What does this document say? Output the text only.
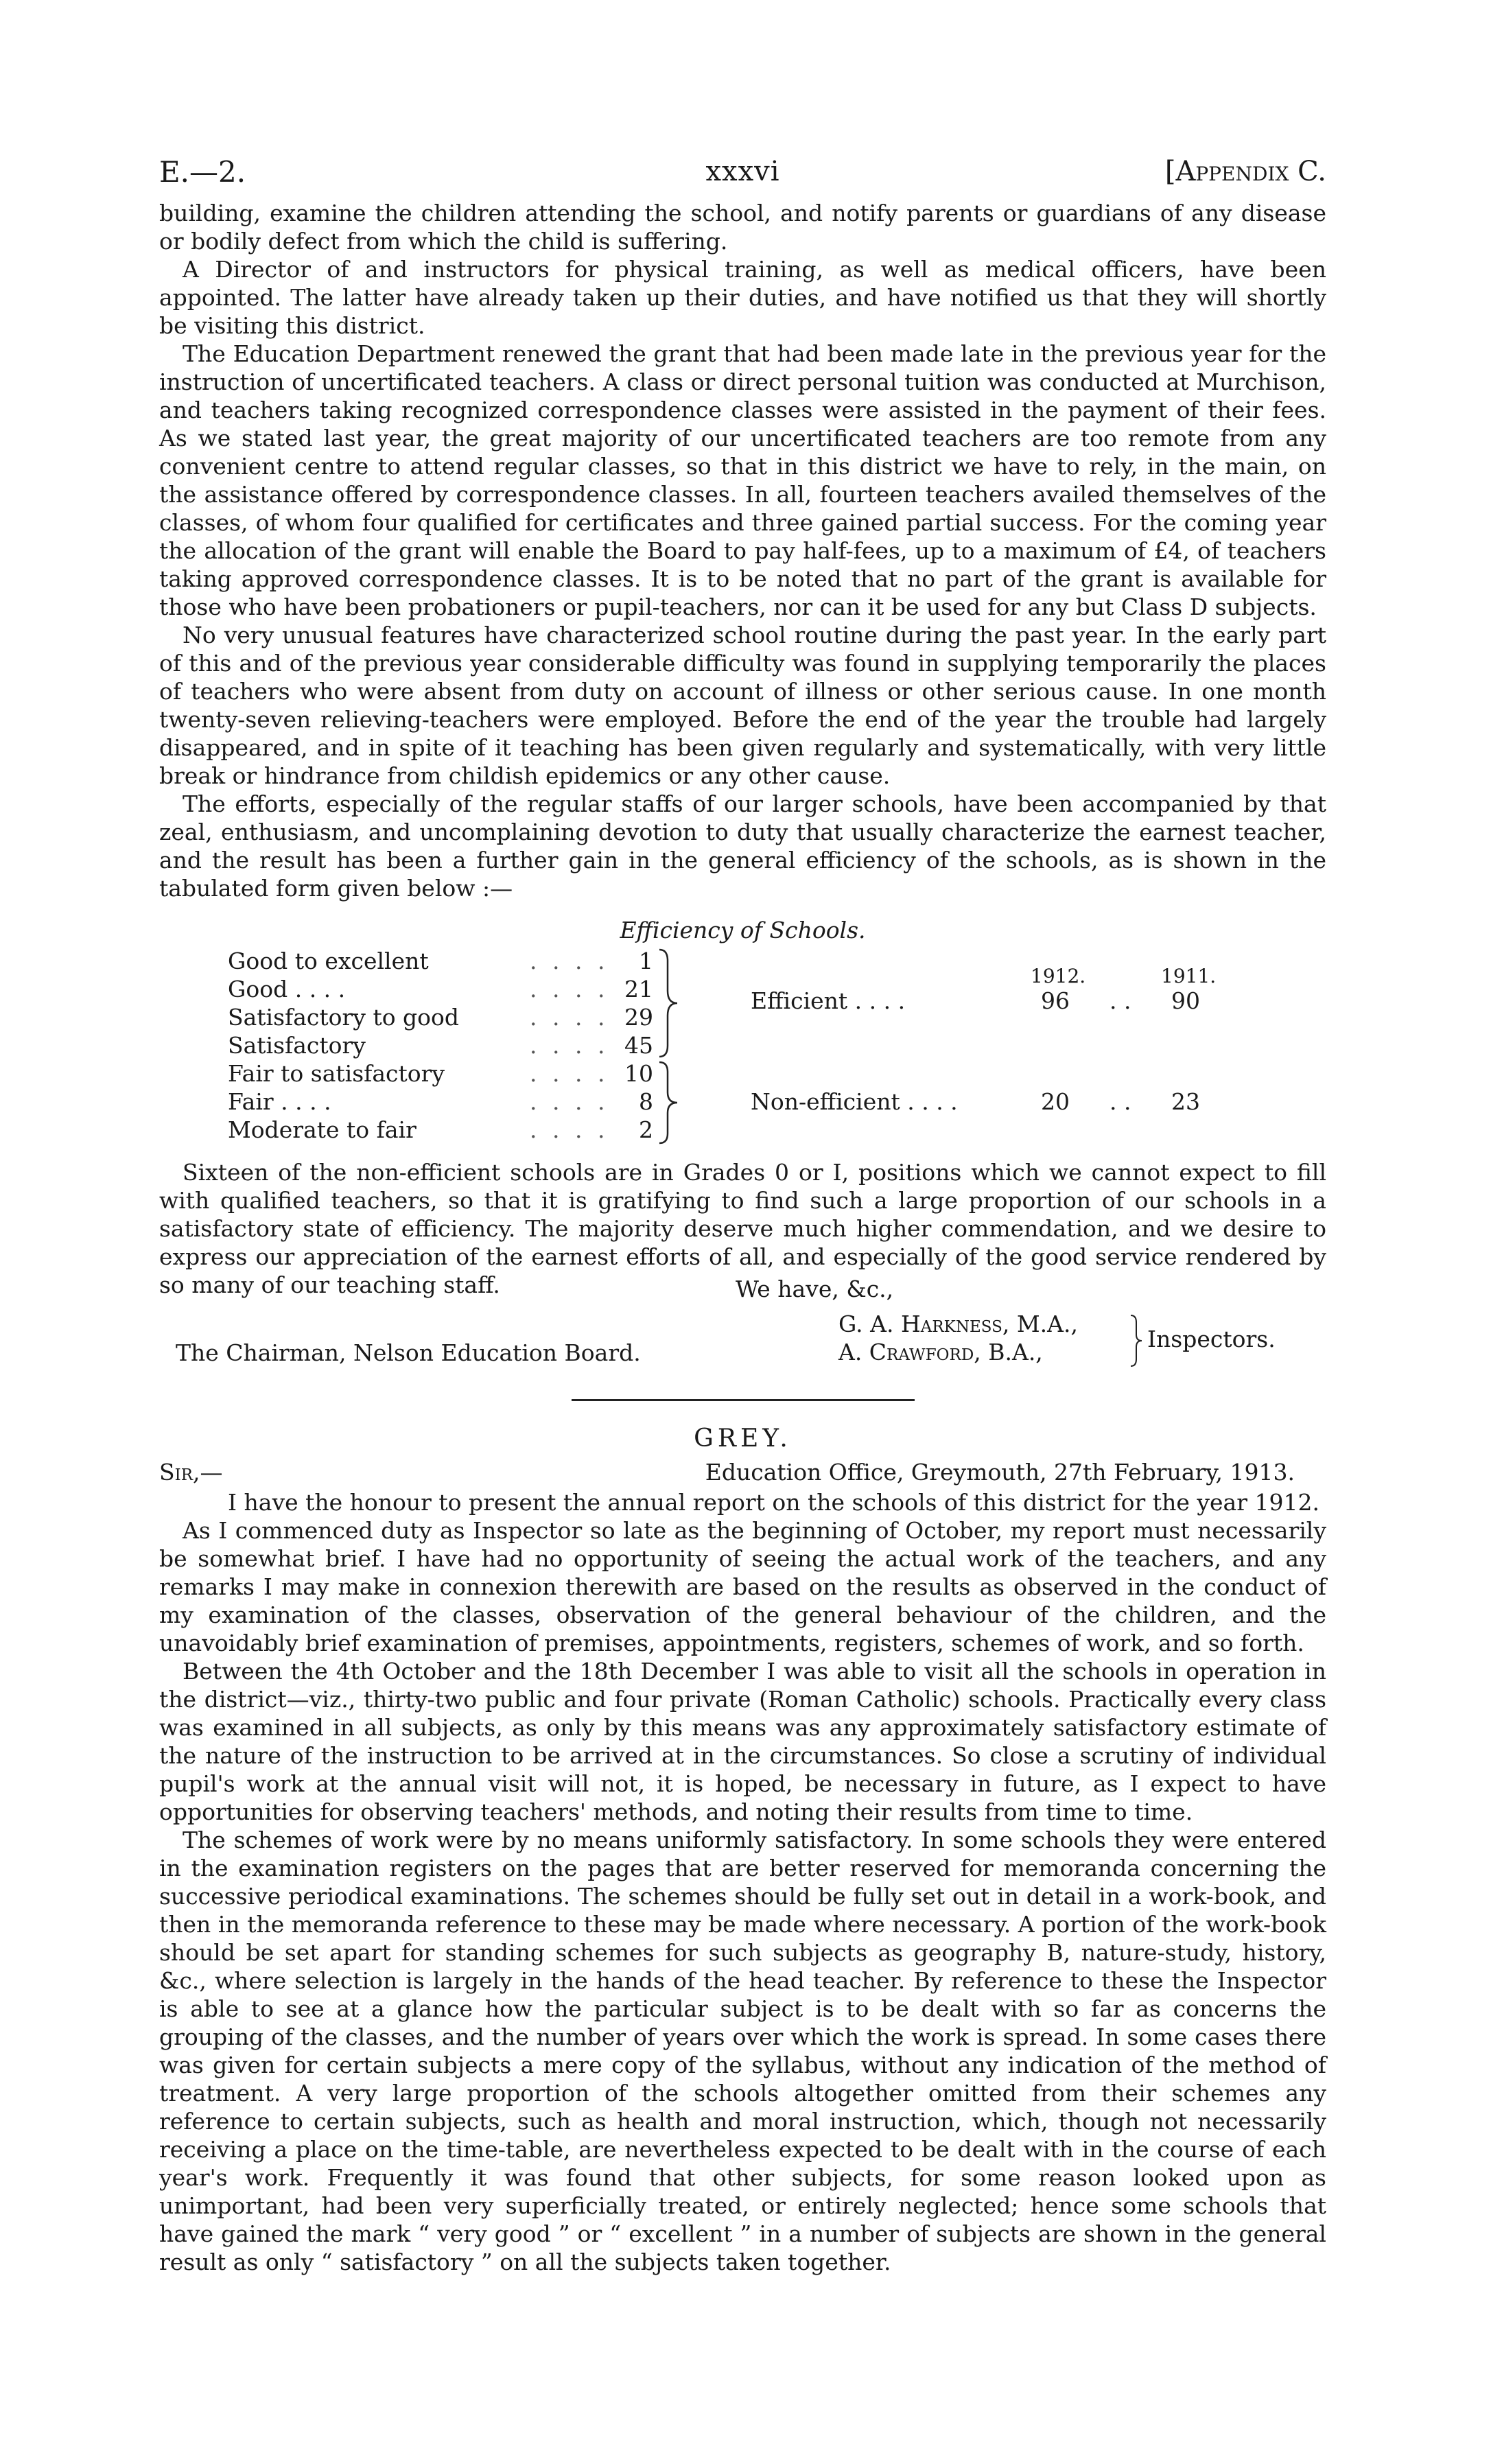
E.—2.	xxxvi	[Appendix C.

building, examine the children attending the school, and notify parents or guardians of any disease or bodily defect from which the child is suffering.

A Director of and instructors for physical training, as well as medical officers, have been appointed. The latter have already taken up their duties, and have notified us that they will shortly be visiting this district.

The Education Department renewed the grant that had been made late in the previous year for the instruction of uncertificated teachers. A class or direct personal tuition was conducted at Murchison, and teachers taking recognized correspondence classes were assisted in the payment of their fees. As we stated last year, the great majority of our uncertificated teachers are too remote from any convenient centre to attend regular classes, so that in this district we have to rely, in the main, on the assistance offered by correspondence classes. In all, fourteen teachers availed themselves of the classes, of whom four qualified for certificates and three gained partial success. For the coming year the allocation of the grant will enable the Board to pay half-fees, up to a maximum of £4, of teachers taking approved correspondence classes. It is to be noted that no part of the grant is available for those who have been probationers or pupil-teachers, nor can it be used for any but Class D subjects.

No very unusual features have characterized school routine during the past year. In the early part of this and of the previous year considerable difficulty was found in supplying temporarily the places of teachers who were absent from duty on account of illness or other serious cause. In one month twenty-seven relieving-teachers were employed. Before the end of the year the trouble had largely disappeared, and in spite of it teaching has been given regularly and systematically, with very little break or hindrance from childish epidemics or any other cause.

The efforts, especially of the regular staffs of our larger schools, have been accompanied by that zeal, enthusiasm, and uncomplaining devotion to duty that usually characterize the earnest teacher, and the result has been a further gain in the general efficiency of the schools, as is shown in the tabulated form given below :—

Efficiency of Schools.
Good to excellent	. . . .	1
Good . . . .	. . . . 21
Satisfactory to good	. . . . 29
Satisfactory	. . . . 45
Fair to satisfactory	. . . . 10
Fair . . . .	. . . .	8
Moderate to fair	. . . .	2
1912.	1911.
Efficient . . . .	96 . . 90
Non-efficient . . . .	20 . . 23

Sixteen of the non-efficient schools are in Grades 0 or I, positions which we cannot expect to fill with qualified teachers, so that it is gratifying to find such a large proportion of our schools in a satisfactory state of efficiency. The majority deserve much higher commendation, and we desire to express our appreciation of the earnest efforts of all, and especially of the good service rendered by so many of our teaching staff.	We have, &c.,
The Chairman, Nelson Education Board.
G. A. Harkness, M.A.,
A. Crawford, B.A.,	Inspectors.
GREY.
Sir,—	Education Office, Greymouth, 27th February, 1913.

I have the honour to present the annual report on the schools of this district for the year 1912.

As I commenced duty as Inspector so late as the beginning of October, my report must necessarily be somewhat brief. I have had no opportunity of seeing the actual work of the teachers, and any remarks I may make in connexion therewith are based on the results as observed in the conduct of my examination of the classes, observation of the general behaviour of the children, and the unavoidably brief examination of premises, appointments, registers, schemes of work, and so forth.

Between the 4th October and the 18th December I was able to visit all the schools in operation in the district—viz., thirty-two public and four private (Roman Catholic) schools. Practically every class was examined in all subjects, as only by this means was any approximately satisfactory estimate of the nature of the instruction to be arrived at in the circumstances. So close a scrutiny of individual pupil's work at the annual visit will not, it is hoped, be necessary in future, as I expect to have opportunities for observing teachers' methods, and noting their results from time to time.

The schemes of work were by no means uniformly satisfactory. In some schools they were entered in the examination registers on the pages that are better reserved for memoranda concerning the successive periodical examinations. The schemes should be fully set out in detail in a work-book, and then in the memoranda reference to these may be made where necessary. A portion of the work-book should be set apart for standing schemes for such subjects as geography B, nature-study, history, &c., where selection is largely in the hands of the head teacher. By reference to these the Inspector is able to see at a glance how the particular subject is to be dealt with so far as concerns the grouping of the classes, and the number of years over which the work is spread. In some cases there was given for certain subjects a mere copy of the syllabus, without any indication of the method of treatment. A very large proportion of the schools altogether omitted from their schemes any reference to certain subjects, such as health and moral instruction, which, though not necessarily receiving a place on the time-table, are nevertheless expected to be dealt with in the course of each year's work. Frequently it was found that other subjects, for some reason looked upon as unimportant, had been very superficially treated, or entirely neglected; hence some schools that have gained the mark “ very good ” or “ excellent ” in a number of subjects are shown in the general result as only “ satisfactory ” on all the subjects taken together.
